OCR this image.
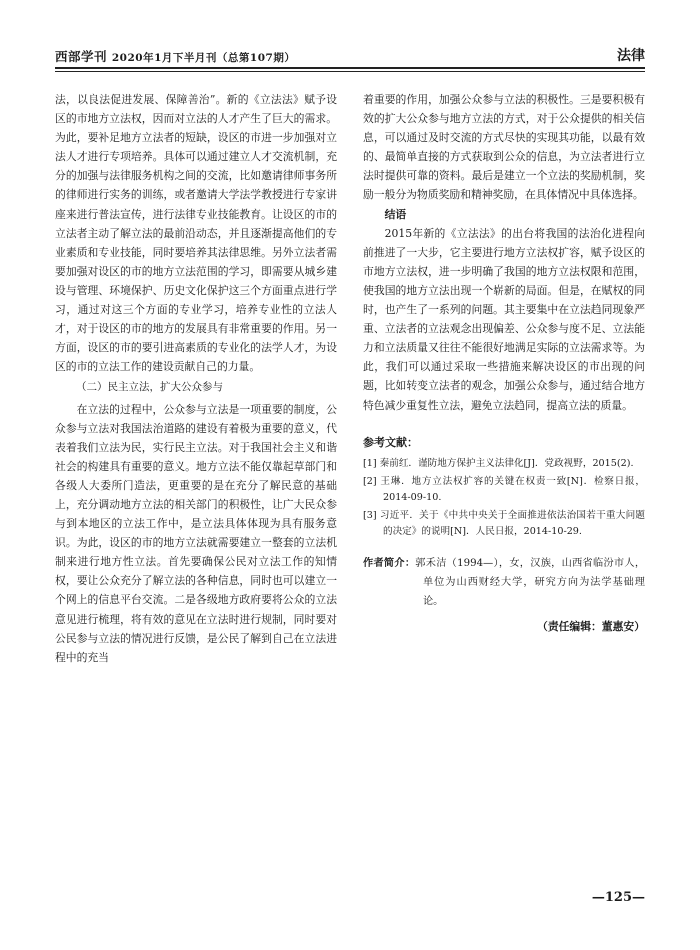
西部学刊 2020年1月下半月刊（总第107期）	法律

法，以良法促进发展、保障善治”。新的《立法法》赋予设区的市地方立法权，因而对立法的人才产生了巨大的需求。为此，要补足地方立法者的短缺，设区的市进一步加强对立法人才进行专项培养。具体可以通过建立人才交流机制，充分的加强与法律服务机构之间的交流，比如邀请律师事务所的律师进行实务的训练，或者邀请大学法学教授进行专家讲座来进行普法宣传，进行法律专业技能教育。让设区的市的立法者主动了解立法的最前沿动态，并且逐渐提高他们的专业素质和专业技能，同时要培养其法律思维。另外立法者需要加强对设区的市的地方立法范围的学习，即需要从城乡建设与管理、环境保护、历史文化保护这三个方面重点进行学习，通过对这三个方面的专业学习，培养专业性的立法人才，对于设区的市的地方的发展具有非常重要的作用。另一方面，设区的市的要引进高素质的专业化的法学人才，为设区的市的立法工作的建设贡献自己的力量。

（二）民主立法，扩大公众参与

在立法的过程中，公众参与立法是一项重要的制度，公众参与立法对我国法治道路的建设有着极为重要的意义，代表着我们立法为民，实行民主立法。对于我国社会主义和谐社会的构建具有重要的意义。地方立法不能仅靠起草部门和各级人大委所门造法，更重要的是在充分了解民意的基础上，充分调动地方立法的相关部门的积极性，让广大民众参与到本地区的立法工作中，是立法具体体现为具有服务意识。为此，设区的市的地方立法就需要建立一整套的立法机制来进行地方性立法。首先要确保公民对立法工作的知情权，要让公众充分了解立法的各种信息，同时也可以建立一个网上的信息平台交流。二是各级地方政府要将公众的立法意见进行梳理，将有效的意见在立法时进行规制，同时要对公民参与立法的情况进行反馈，是公民了解到自己在立法进程中的充当

着重要的作用，加强公众参与立法的积极性。三是要积极有效的扩大公众参与地方立法的方式，对于公众提供的相关信息，可以通过及时交流的方式尽快的实现其功能，以最有效的、最简单直接的方式获取到公众的信息，为立法者进行立法时提供可靠的资料。最后是建立一个立法的奖励机制，奖励一般分为物质奖励和精神奖励，在具体情况中具体选择。

结语

2015年新的《立法法》的出台将我国的法治化进程向前推进了一大步，它主要进行地方立法权扩容，赋予设区的市地方立法权，进一步明确了我国的地方立法权限和范围，使我国的地方立法出现一个崭新的局面。但是，在赋权的同时，也产生了一系列的问题。其主要集中在立法趋同现象严重、立法者的立法观念出现偏差、公众参与度不足、立法能力和立法质量又往往不能很好地满足实际的立法需求等。为此，我们可以通过采取一些措施来解决设区的市出现的问题，比如转变立法者的观念，加强公众参与，通过结合地方特色减少重复性立法，避免立法趋同，提高立法的质量。

参考文献：
[1] 秦前红．谨防地方保护主义法律化[J]．党政视野，2015(2).
[2] 王琳．地方立法权扩容的关键在权责一致[N]．检察日报，2014-09-10.
[3] 习近平．关于《中共中央关于全面推进依法治国若干重大问题的决定》的说明[N]．人民日报，2014-10-29.
作者简介：郭禾洁（1994—），女，汉族，山西省临汾市人，单位为山西财经大学，研究方向为法学基础理论。
（责任编辑：董惠安）
—125—
